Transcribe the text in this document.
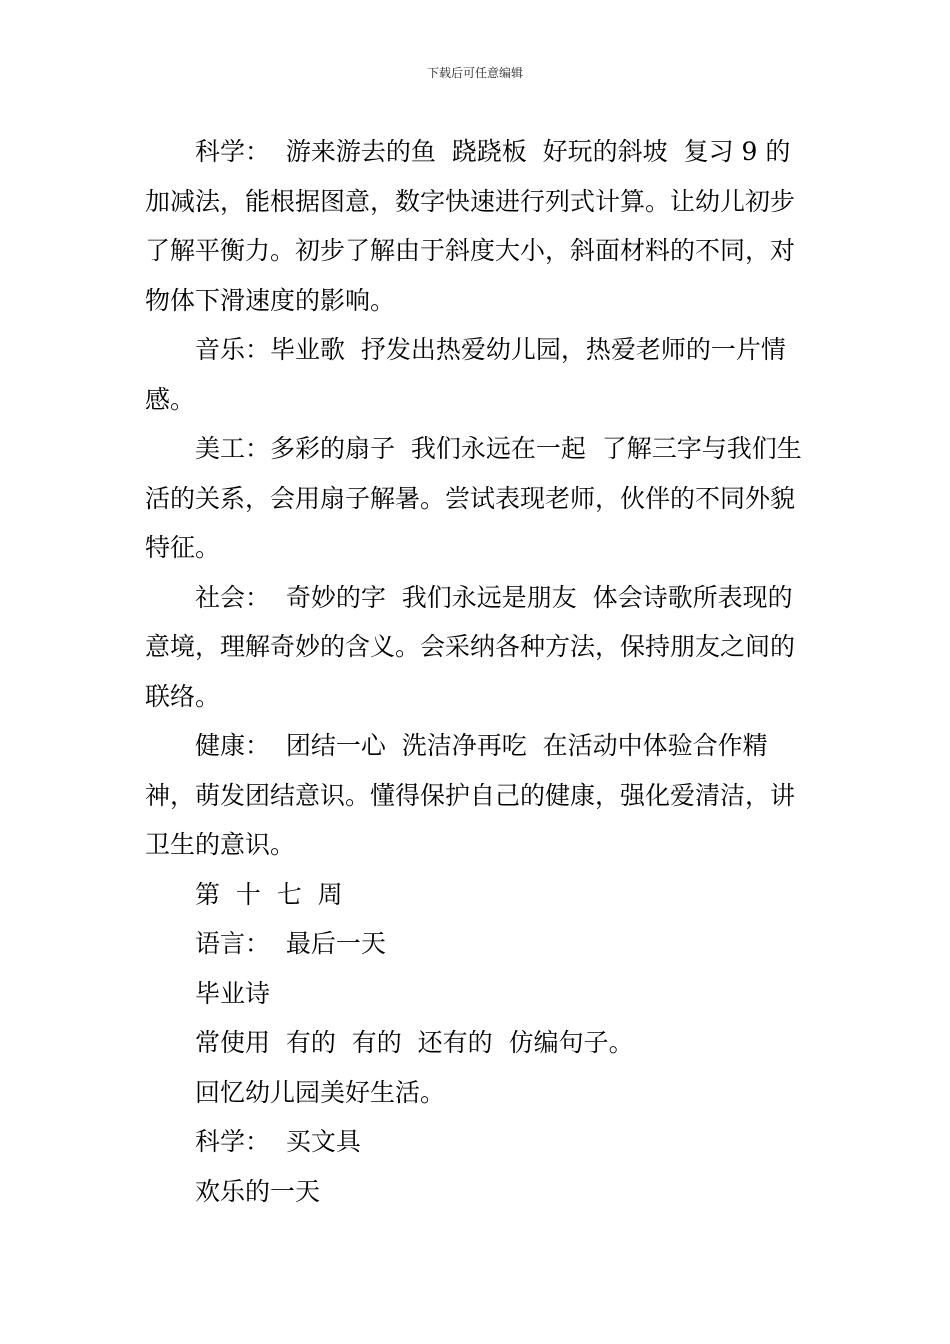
下载后可任意编辑

科学：  游来游去的鱼  跷跷板  好玩的斜坡  复习 9 的加减法，能根据图意，数字快速进行列式计算。让幼儿初步了解平衡力。初步了解由于斜度大小，斜面材料的不同，对物体下滑速度的影响。

音乐：毕业歌  抒发出热爱幼儿园，热爱老师的一片情感。

美工：多彩的扇子  我们永远在一起  了解三字与我们生活的关系，会用扇子解暑。尝试表现老师，伙伴的不同外貌特征。

社会：  奇妙的字  我们永远是朋友  体会诗歌所表现的意境，理解奇妙的含义。会采纳各种方法，保持朋友之间的联络。

健康：  团结一心  洗洁净再吃  在活动中体验合作精神，萌发团结意识。懂得保护自己的健康，强化爱清洁，讲卫生的意识。

第  十  七  周

语言：  最后一天

毕业诗

常使用  有的  有的  还有的  仿编句子。

回忆幼儿园美好生活。

科学：  买文具

欢乐的一天
